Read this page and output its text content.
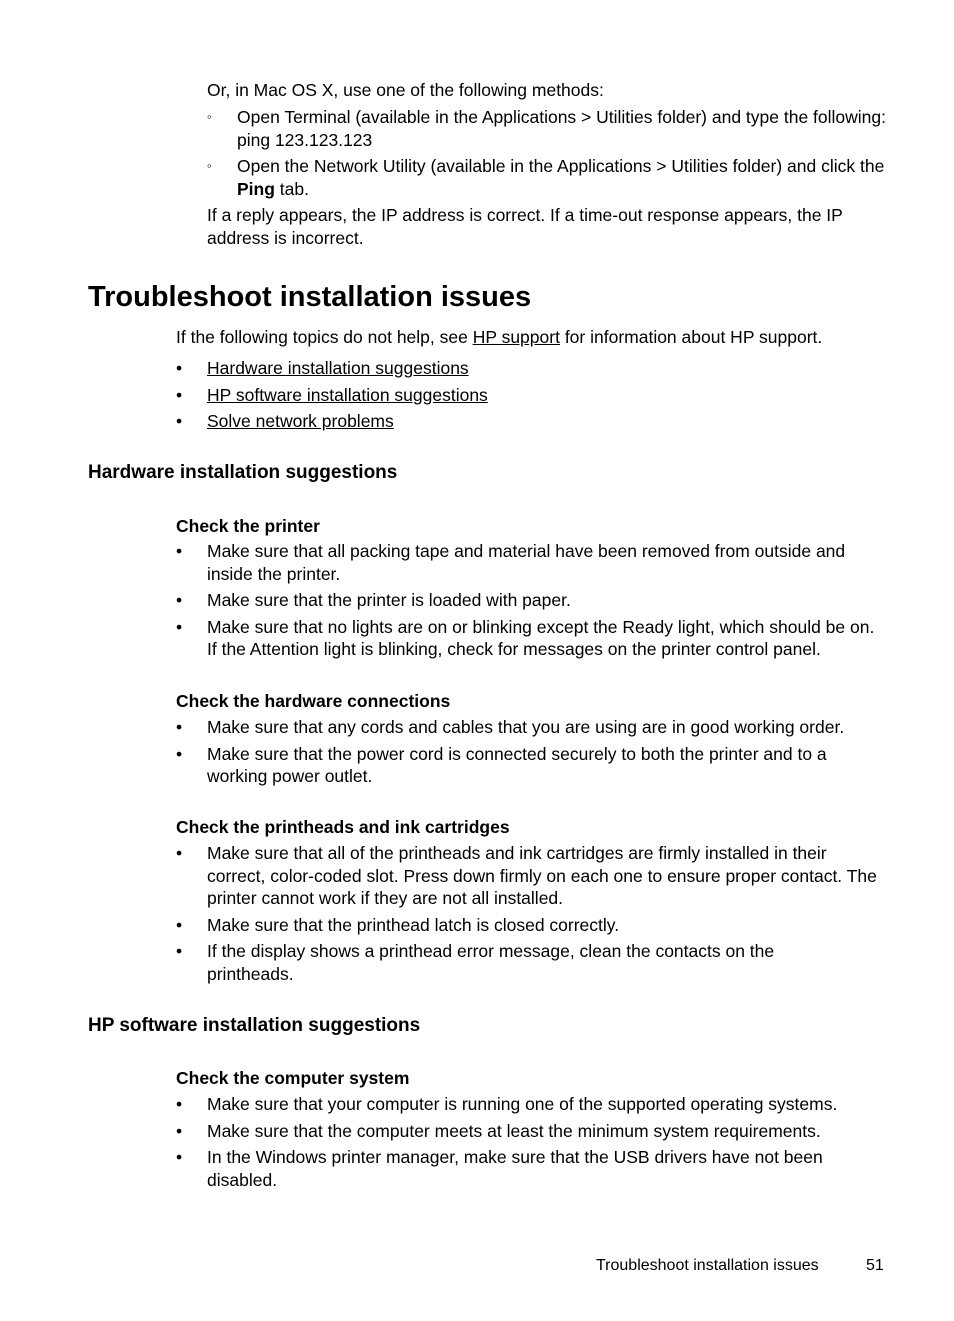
Or, in Mac OS X, use one of the following methods:

◦ Open Terminal (available in the Applications > Utilities folder) and type the following: ping 123.123.123
◦ Open the Network Utility (available in the Applications > Utilities folder) and click the Ping tab.

If a reply appears, the IP address is correct. If a time-out response appears, the IP address is incorrect.

Troubleshoot installation issues
If the following topics do not help, see HP support for information about HP support.
• Hardware installation suggestions
• HP software installation suggestions
• Solve network problems
Hardware installation suggestions
Check the printer
• Make sure that all packing tape and material have been removed from outside and inside the printer.
• Make sure that the printer is loaded with paper.
• Make sure that no lights are on or blinking except the Ready light, which should be on. If the Attention light is blinking, check for messages on the printer control panel.
Check the hardware connections
• Make sure that any cords and cables that you are using are in good working order.
• Make sure that the power cord is connected securely to both the printer and to a working power outlet.
Check the printheads and ink cartridges
• Make sure that all of the printheads and ink cartridges are firmly installed in their correct, color-coded slot. Press down firmly on each one to ensure proper contact. The printer cannot work if they are not all installed.
• Make sure that the printhead latch is closed correctly.
• If the display shows a printhead error message, clean the contacts on the printheads.
HP software installation suggestions
Check the computer system
• Make sure that your computer is running one of the supported operating systems.
• Make sure that the computer meets at least the minimum system requirements.
• In the Windows printer manager, make sure that the USB drivers have not been disabled.
Troubleshoot installation issues	51
